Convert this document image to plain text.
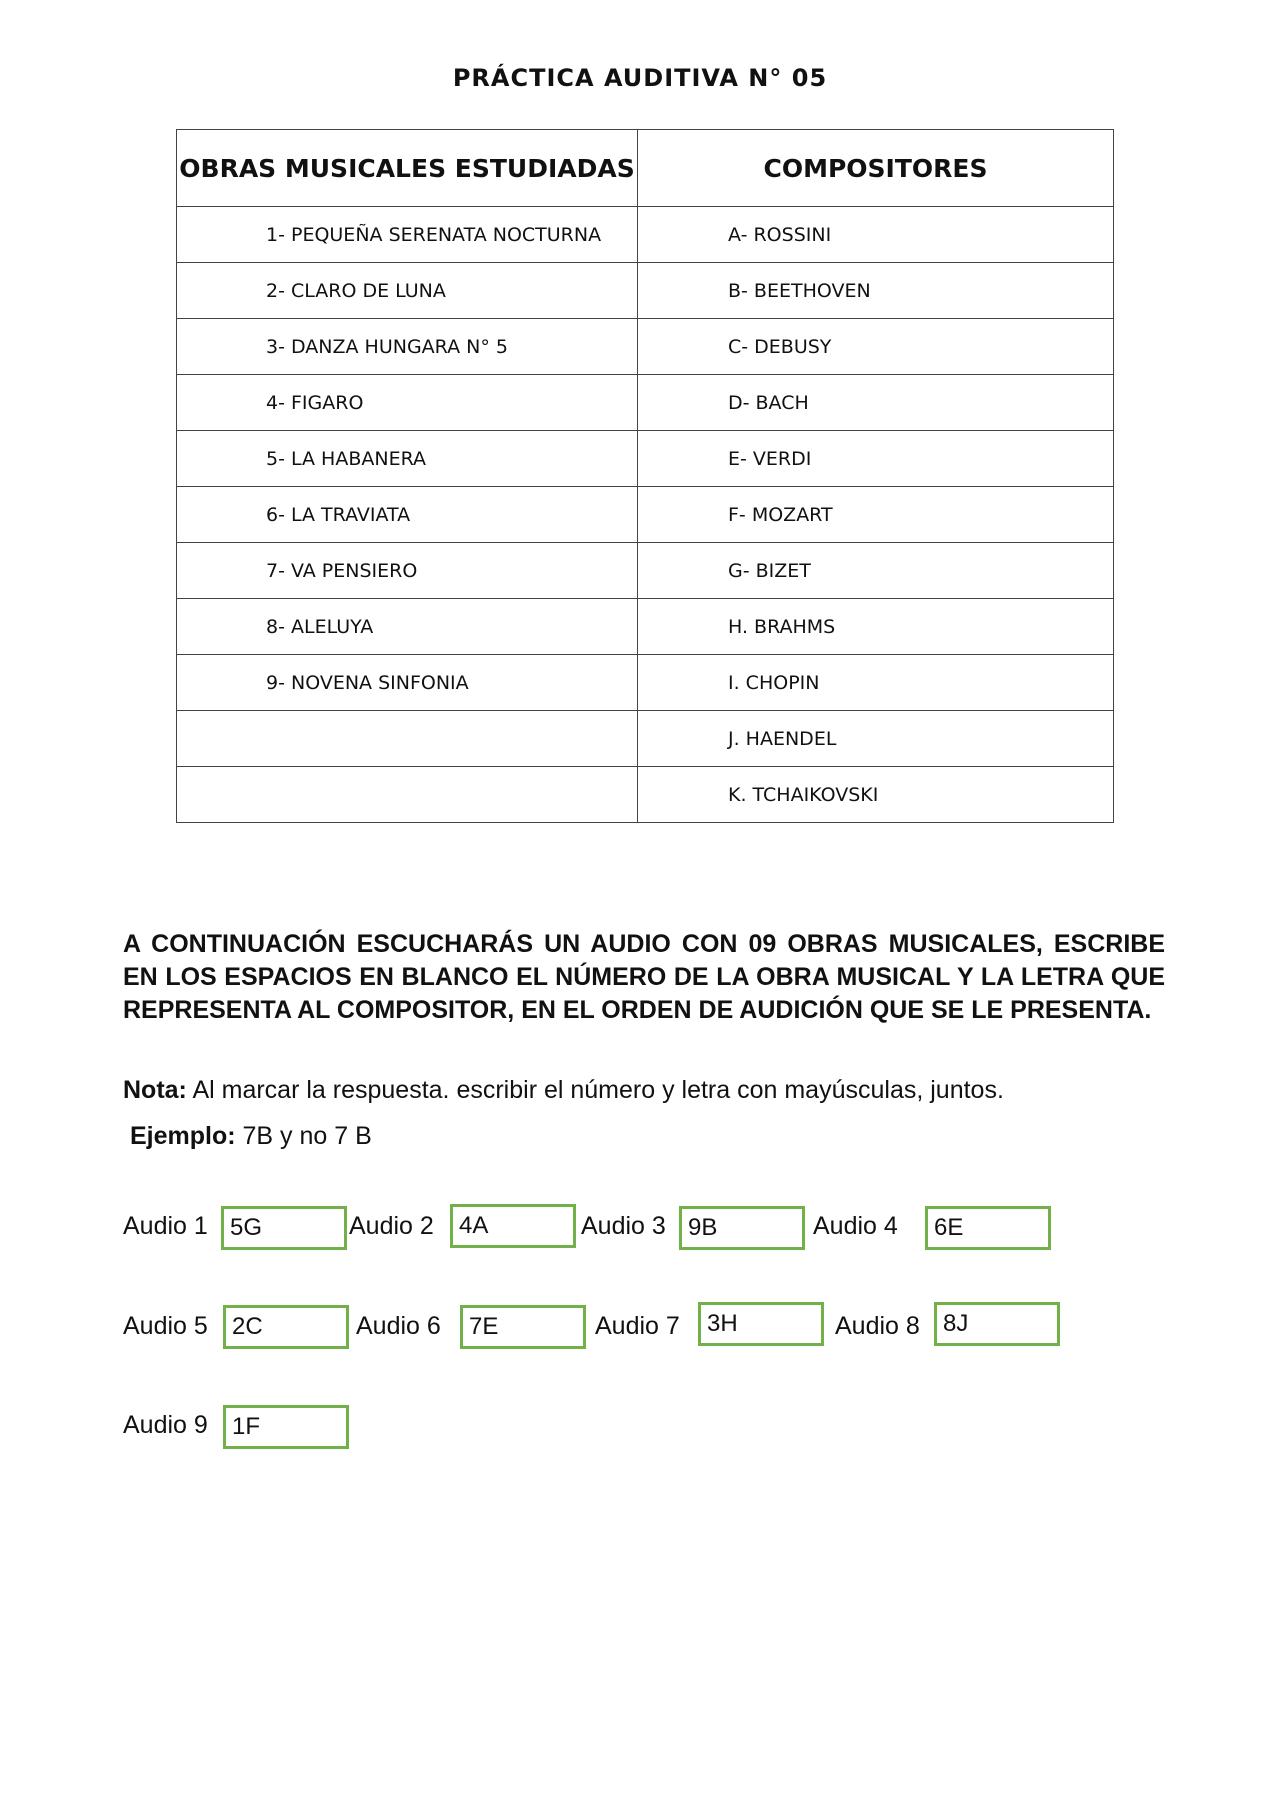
PRÁCTICA AUDITIVA N° 05
OBRAS MUSICALES ESTUDIADAS	COMPOSITORES
1- PEQUEÑA SERENATA NOCTURNA	A- ROSSINI
2- CLARO DE LUNA	B- BEETHOVEN
3- DANZA HUNGARA N° 5	C- DEBUSY
4- FIGARO	D- BACH
5- LA HABANERA	E- VERDI
6- LA TRAVIATA	F- MOZART
7- VA PENSIERO	G- BIZET
8- ALELUYA	H. BRAHMS
9- NOVENA SINFONIA	I. CHOPIN
	J. HAENDEL
	K. TCHAIKOVSKI
A CONTINUACIÓN ESCUCHARÁS UN AUDIO CON 09 OBRAS MUSICALES, ESCRIBE EN LOS ESPACIOS EN BLANCO EL NÚMERO DE LA OBRA MUSICAL Y LA LETRA QUE REPRESENTA AL COMPOSITOR, EN EL ORDEN DE AUDICIÓN QUE SE LE PRESENTA.
Nota: Al marcar la respuesta. escribir el número y letra con mayúsculas, juntos.
Ejemplo: 7B y no 7 B
Audio 1 5G	Audio 2	4A	Audio 3 9B	Audio 4	6E
Audio 5	2C	Audio 6	7E	Audio 7	3H	Audio 8 8J
Audio 9	1F
